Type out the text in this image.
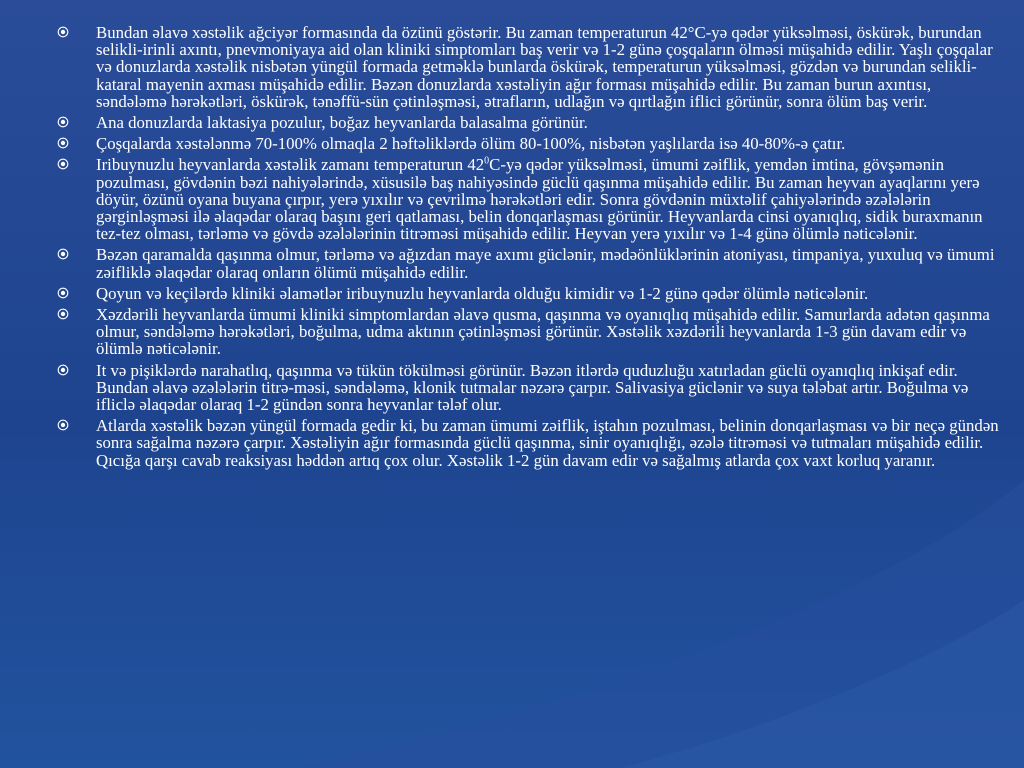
Bundan əlavə xəstəlik ağciyər formasında da özünü göstərir. Bu zaman temperaturun 42°C-yə qədər yüksəlməsi, öskürək, burundan selikli-irinli axıntı, pnevmoniyaya aid olan kliniki simptomları baş verir və 1-2 günə çoşqaların ölməsi müşahidə edilir. Yaşlı çoşqalar və donuzlarda xəstəlik nisbətən yüngül formada getməklə bunlarda öskürək, temperaturun yüksəlməsi, gözdən və burundan selikli-kataral mayenin axması müşahidə edilir. Bəzən donuzlarda xəstəliyin ağır forması müşahidə edilir. Bu zaman burun axıntısı, səndələmə hərəkətləri, öskürək, tənəffü-sün çətinləşməsi, ətrafların, udlağın və qırtlağın iflici görünür, sonra ölüm baş verir.
Ana donuzlarda laktasiya pozulur, boğaz heyvanlarda balasalma görünür.
Çoşqalarda xəstələnmə 70-100% olmaqla 2 həftəliklərdə ölüm 80-100%, nisbətən yaşlılarda isə 40-80%-ə çatır.
Iribuynuzlu heyvanlarda xəstəlik zamanı temperaturun $42^0C-yə$ qədər yüksəlməsi, ümumi zəiflik, yemdən imtina, gövşəmənin pozulması, gövdənin bəzi nahiyələrində, xüsusilə baş nahiyəsində güclü qaşınma müşahidə edilir. Bu zaman heyvan ayaqlarını yerə döyür, özünü oyana buyana çırpır, yerə yıxılır və çevrilmə hərəkətləri edir. Sonra gövdənin müxtəlif çahiyələrində əzələlərin gərginləşməsi ilə əlaqədar olaraq başını geri qatlaması, belin donqarlaşması görünür. Heyvanlarda cinsi oyanıqlıq, sidik buraxmanın tez-tez olması, tərləmə və gövdə əzələlərinin titrəməsi müşahidə edilir. Heyvan yerə yıxılır və 1-4 günə ölümlə nəticələnir.
Bəzən qaramalda qaşınma olmur, tərləmə və ağızdan maye axımı güclənir, mədəönlüklərinin atoniyası, timpaniya, yuxuluq və ümumi zəifliklə əlaqədar olaraq onların ölümü müşahidə edilir.
Qoyun və keçilərdə kliniki əlamətlər iribuynuzlu heyvanlarda olduğu kimidir və 1-2 günə qədər ölümlə nəticələnir.
Xəzdərili heyvanlarda ümumi kliniki simptomlardan əlavə qusma, qaşınma və oyanıqlıq müşahidə edilir. Samurlarda adətən qaşınma olmur, səndələmə hərəkətləri, boğulma, udma aktının çətinləşməsi görünür. Xəstəlik xəzdərili heyvanlarda 1-3 gün davam edir və ölümlə nəticələnir.
It və pişiklərdə narahatlıq, qaşınma və tükün tökülməsi görünür. Bəzən itlərdə quduzluğu xatırladan güclü oyanıqlıq inkişaf edir. Bundan əlavə əzələlərin titrə-məsi, səndələmə, klonik tutmalar nəzərə çarpır. Salivasiya güclənir və suya tələbat artır. Boğulma və ifliclə əlaqədar olaraq 1-2 gündən sonra heyvanlar tələf olur.
Atlarda xəstəlik bəzən yüngül formada gedir ki, bu zaman ümumi zəiflik, iştahın pozulması, belinin donqarlaşması və bir neçə gündən sonra sağalma nəzərə çarpır. Xəstəliyin ağır formasında güclü qaşınma, sinir oyanıqlığı, əzələ titrəməsi və tutmaları müşahidə edilir. Qıcığa qarşı cavab reaksiyası həddən artıq çox olur. Xəstəlik 1-2 gün davam edir və sağalmış atlarda çox vaxt korluq yaranır.
